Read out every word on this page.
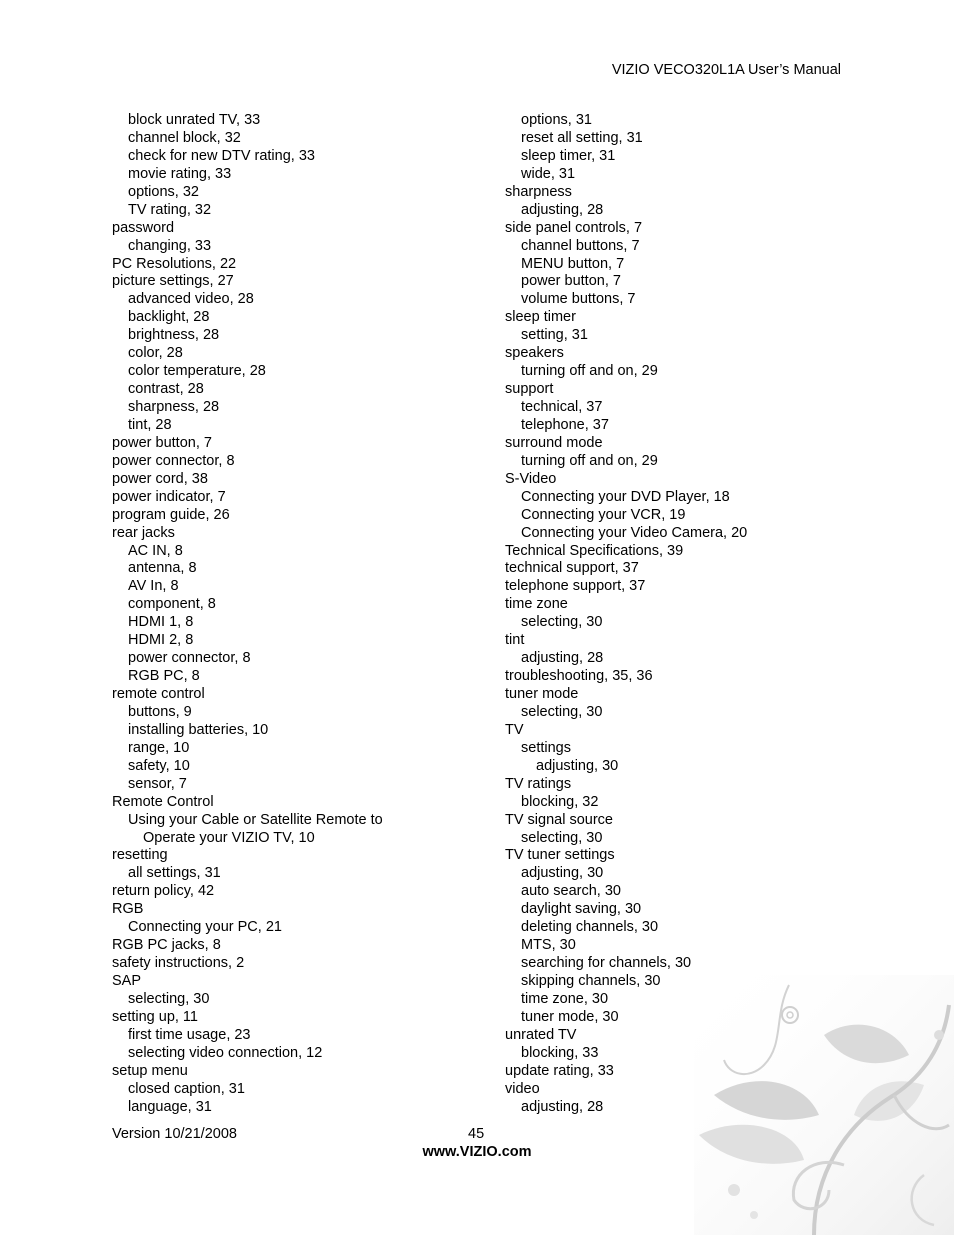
VIZIO VECO320L1A User’s Manual
block unrated TV, 33
channel block, 32
check for new DTV rating, 33
movie rating, 33
options, 32
TV rating, 32
password
changing, 33
PC Resolutions, 22
picture settings, 27
advanced video, 28
backlight, 28
brightness, 28
color, 28
color temperature, 28
contrast, 28
sharpness, 28
tint, 28
power button, 7
power connector, 8
power cord, 38
power indicator, 7
program guide, 26
rear jacks
AC IN, 8
antenna, 8
AV In, 8
component, 8
HDMI 1, 8
HDMI 2, 8
power connector, 8
RGB PC, 8
remote control
buttons, 9
installing batteries, 10
range, 10
safety, 10
sensor, 7
Remote Control
Using your Cable or Satellite Remote to
Operate your VIZIO TV, 10
resetting
all settings, 31
return policy, 42
RGB
Connecting your PC, 21
RGB PC jacks, 8
safety instructions, 2
SAP
selecting, 30
setting up, 11
first time usage, 23
selecting video connection, 12
setup menu
closed caption, 31
language, 31
options, 31
reset all setting, 31
sleep timer, 31
wide, 31
sharpness
adjusting, 28
side panel controls, 7
channel buttons, 7
MENU button, 7
power button, 7
volume buttons, 7
sleep timer
setting, 31
speakers
turning off and on, 29
support
technical, 37
telephone, 37
surround mode
turning off and on, 29
S-Video
Connecting your DVD Player, 18
Connecting your VCR, 19
Connecting your Video Camera, 20
Technical Specifications, 39
technical support, 37
telephone support, 37
time zone
selecting, 30
tint
adjusting, 28
troubleshooting, 35, 36
tuner mode
selecting, 30
TV
settings
adjusting, 30
TV ratings
blocking, 32
TV signal source
selecting, 30
TV tuner settings
adjusting, 30
auto search, 30
daylight saving, 30
deleting channels, 30
MTS, 30
searching for channels, 30
skipping channels, 30
time zone, 30
tuner mode, 30
unrated TV
blocking, 33
update rating, 33
video
adjusting, 28
Version 10/21/2008	45
www.VIZIO.com
